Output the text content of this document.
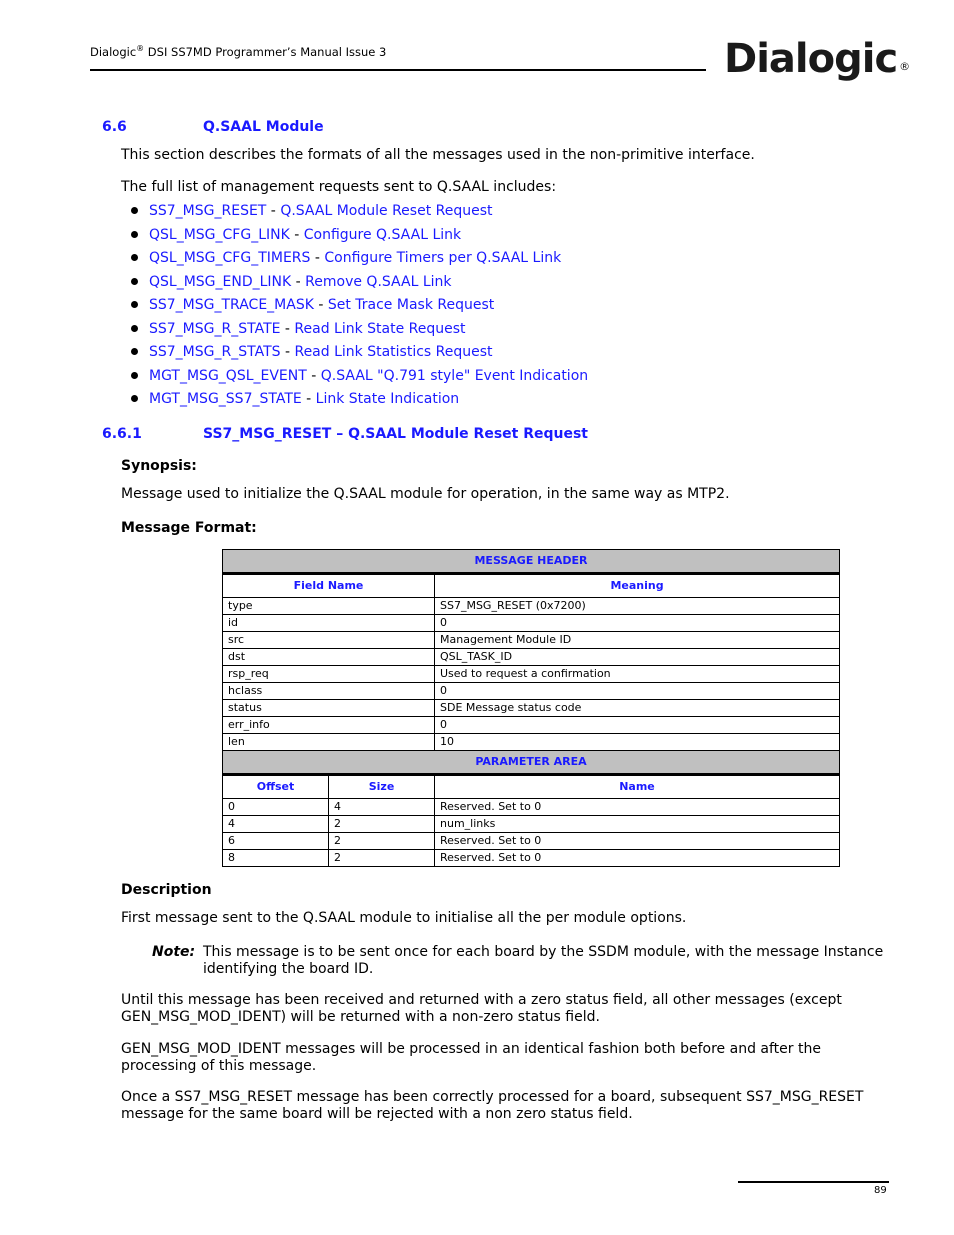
Dialogic® DSI SS7MD Programmer’s Manual Issue 3	Dialogic ®
6.6	Q.SAAL Module
This section describes the formats of all the messages used in the non-primitive interface.
The full list of management requests sent to Q.SAAL includes:
SS7_MSG_RESET - Q.SAAL Module Reset Request
QSL_MSG_CFG_LINK - Configure Q.SAAL Link
QSL_MSG_CFG_TIMERS - Configure Timers per Q.SAAL Link
QSL_MSG_END_LINK - Remove Q.SAAL Link
SS7_MSG_TRACE_MASK - Set Trace Mask Request
SS7_MSG_R_STATE - Read Link State Request
SS7_MSG_R_STATS - Read Link Statistics Request
MGT_MSG_QSL_EVENT - Q.SAAL "Q.791 style" Event Indication
MGT_MSG_SS7_STATE - Link State Indication
6.6.1	SS7_MSG_RESET – Q.SAAL Module Reset Request
Synopsis:
Message used to initialize the Q.SAAL module for operation, in the same way as MTP2.
Message Format:
MESSAGE HEADER		
Field Name		Meaning
type		SS7_MSG_RESET (0x7200)
id		0
src		Management Module ID
dst		QSL_TASK_ID
rsp_req		Used to request a confirmation
hclass		0
status		SDE Message status code
err_info		0
len		10
PARAMETER AREA		
Offset	Size	Name
0	4	Reserved. Set to 0
4	2	num_links
6	2	Reserved. Set to 0
8	2	Reserved. Set to 0
Description
First message sent to the Q.SAAL module to initialise all the per module options.
Note: This message is to be sent once for each board by the SSDM module, with the message Instance
identifying the board ID.
Until this message has been received and returned with a zero status field, all other messages (except
GEN_MSG_MOD_IDENT) will be returned with a non-zero status field.
GEN_MSG_MOD_IDENT messages will be processed in an identical fashion both before and after the
processing of this message.
Once a SS7_MSG_RESET message has been correctly processed for a board, subsequent SS7_MSG_RESET
message for the same board will be rejected with a non zero status field.
89
